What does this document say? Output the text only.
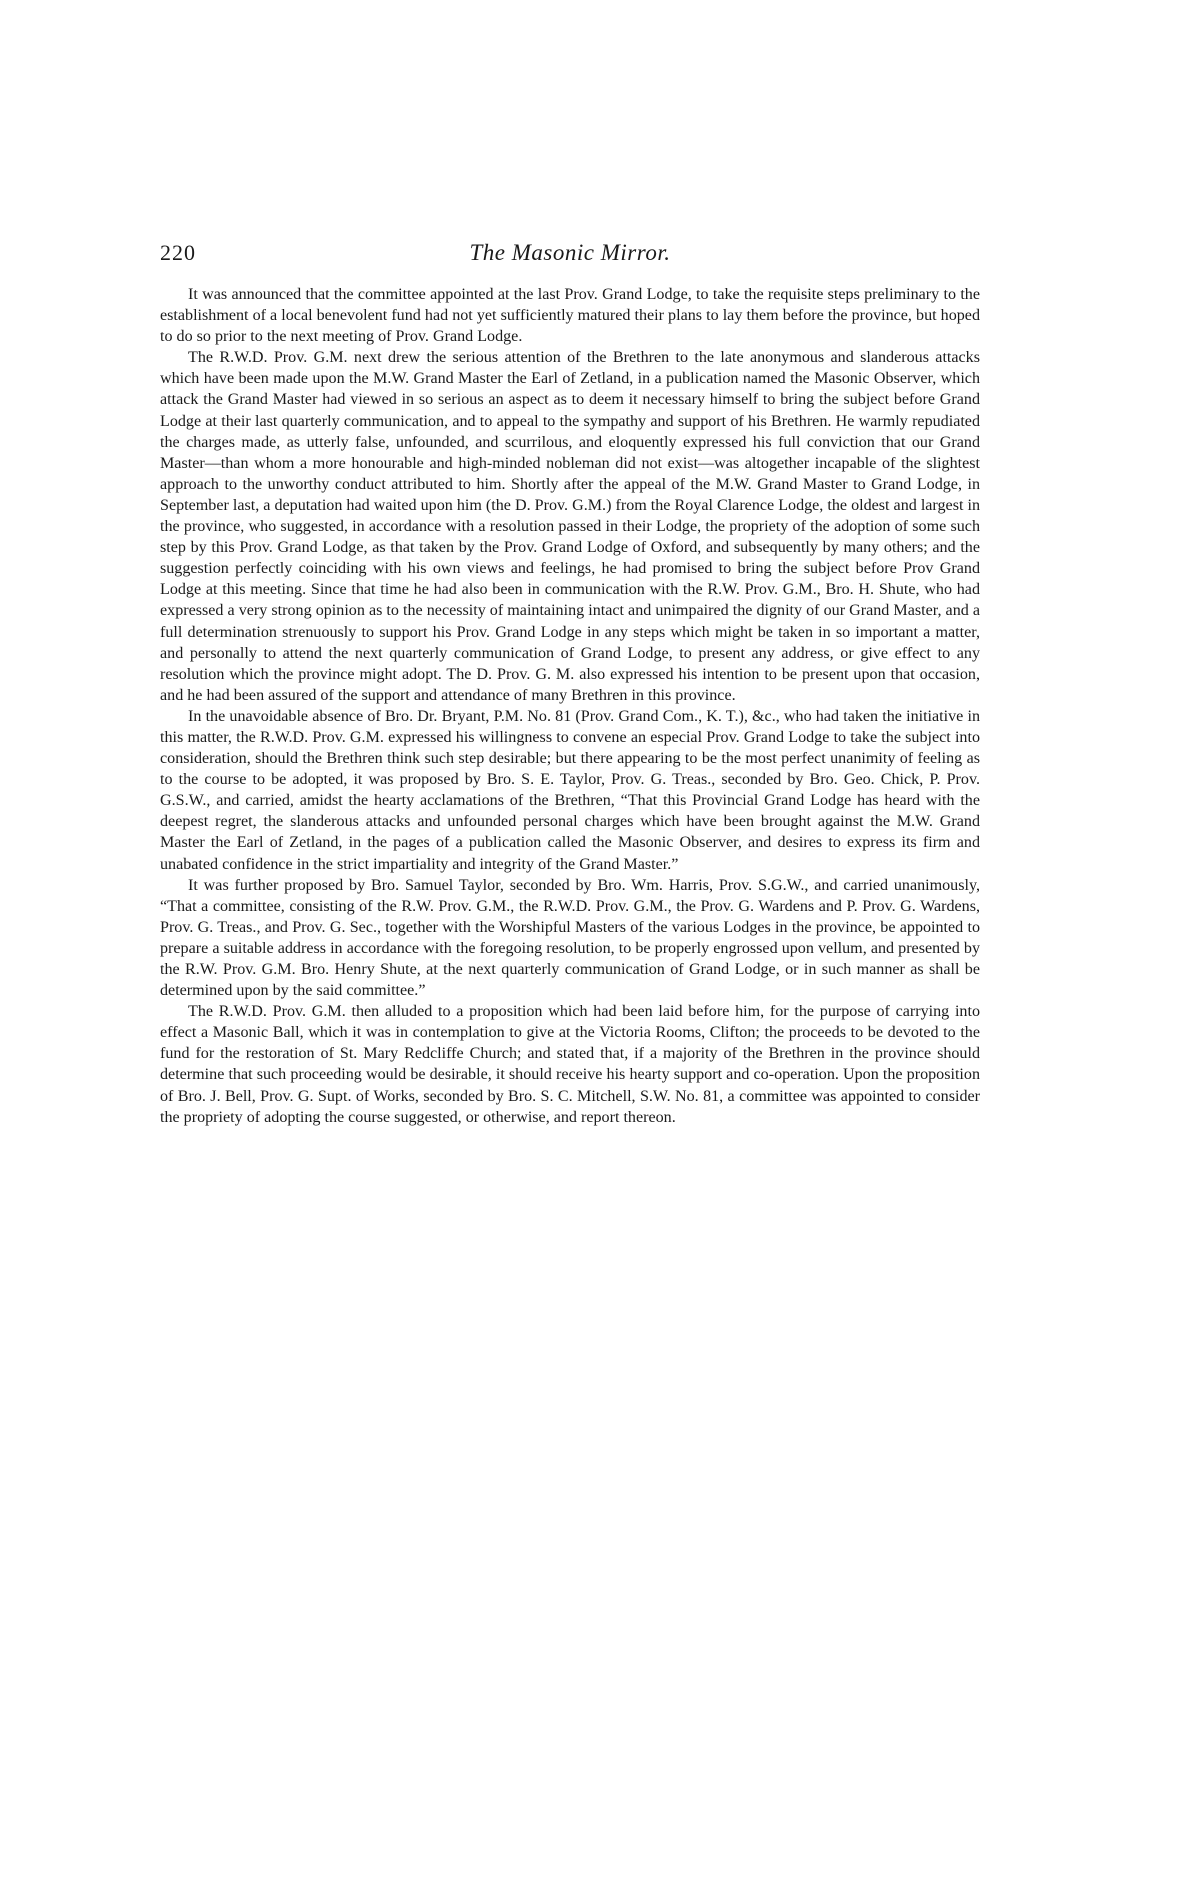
220	The Masonic Mirror.

It was announced that the committee appointed at the last Prov. Grand Lodge, to take the requisite steps preliminary to the establishment of a local benevolent fund had not yet sufficiently matured their plans to lay them before the province, but hoped to do so prior to the next meeting of Prov. Grand Lodge.

The R.W.D. Prov. G.M. next drew the serious attention of the Brethren to the late anonymous and slanderous attacks which have been made upon the M.W. Grand Master the Earl of Zetland, in a publication named the Masonic Observer, which attack the Grand Master had viewed in so serious an aspect as to deem it necessary himself to bring the subject before Grand Lodge at their last quarterly communication, and to appeal to the sympathy and support of his Brethren. He warmly repudiated the charges made, as utterly false, unfounded, and scurrilous, and eloquently expressed his full conviction that our Grand Master—than whom a more honourable and high-minded nobleman did not exist—was altogether incapable of the slightest approach to the unworthy conduct attributed to him. Shortly after the appeal of the M.W. Grand Master to Grand Lodge, in September last, a deputation had waited upon him (the D. Prov. G.M.) from the Royal Clarence Lodge, the oldest and largest in the province, who suggested, in accordance with a resolution passed in their Lodge, the propriety of the adoption of some such step by this Prov. Grand Lodge, as that taken by the Prov. Grand Lodge of Oxford, and subsequently by many others; and the suggestion perfectly coinciding with his own views and feelings, he had promised to bring the subject before Prov Grand Lodge at this meeting. Since that time he had also been in communication with the R.W. Prov. G.M., Bro. H. Shute, who had expressed a very strong opinion as to the necessity of maintaining intact and unimpaired the dignity of our Grand Master, and a full determination strenuously to support his Prov. Grand Lodge in any steps which might be taken in so important a matter, and personally to attend the next quarterly communication of Grand Lodge, to present any address, or give effect to any resolution which the province might adopt. The D. Prov. G. M. also expressed his intention to be present upon that occasion, and he had been assured of the support and attendance of many Brethren in this province.

In the unavoidable absence of Bro. Dr. Bryant, P.M. No. 81 (Prov. Grand Com., K. T.), &c., who had taken the initiative in this matter, the R.W.D. Prov. G.M. expressed his willingness to convene an especial Prov. Grand Lodge to take the subject into consideration, should the Brethren think such step desirable; but there appearing to be the most perfect unanimity of feeling as to the course to be adopted, it was proposed by Bro. S. E. Taylor, Prov. G. Treas., seconded by Bro. Geo. Chick, P. Prov. G.S.W., and carried, amidst the hearty acclamations of the Brethren, “That this Provincial Grand Lodge has heard with the deepest regret, the slanderous attacks and unfounded personal charges which have been brought against the M.W. Grand Master the Earl of Zetland, in the pages of a publication called the Masonic Observer, and desires to express its firm and unabated confidence in the strict impartiality and integrity of the Grand Master.”

It was further proposed by Bro. Samuel Taylor, seconded by Bro. Wm. Harris, Prov. S.G.W., and carried unanimously, “That a committee, consisting of the R.W. Prov. G.M., the R.W.D. Prov. G.M., the Prov. G. Wardens and P. Prov. G. Wardens, Prov. G. Treas., and Prov. G. Sec., together with the Worshipful Masters of the various Lodges in the province, be appointed to prepare a suitable address in accordance with the foregoing resolution, to be properly engrossed upon vellum, and presented by the R.W. Prov. G.M. Bro. Henry Shute, at the next quarterly communication of Grand Lodge, or in such manner as shall be determined upon by the said committee.”

The R.W.D. Prov. G.M. then alluded to a proposition which had been laid before him, for the purpose of carrying into effect a Masonic Ball, which it was in contemplation to give at the Victoria Rooms, Clifton; the proceeds to be devoted to the fund for the restoration of St. Mary Redcliffe Church; and stated that, if a majority of the Brethren in the province should determine that such proceeding would be desirable, it should receive his hearty support and co-operation. Upon the proposition of Bro. J. Bell, Prov. G. Supt. of Works, seconded by Bro. S. C. Mitchell, S.W. No. 81, a committee was appointed to consider the propriety of adopting the course suggested, or otherwise, and report thereon.
